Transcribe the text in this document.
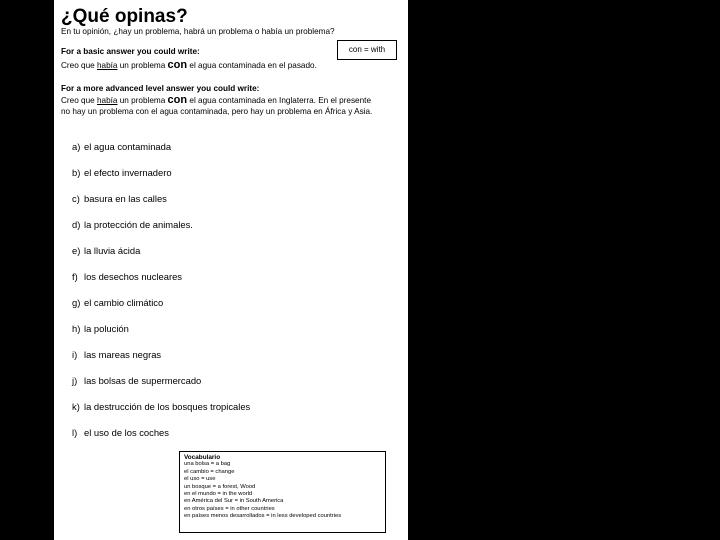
¿Qué opinas?
En tu opinión, ¿hay un problema, habrá un problema o había un problema?
con = with
For a basic answer you could write:
Creo que había un problema con el agua contaminada en el pasado.
For a more advanced level answer you could write:
Creo que había un problema con el agua contaminada en Inglaterra. En el presente no hay un problema con el agua contaminada, pero hay un problema en África y Asia.
a) el agua contaminada
b) el efecto invernadero
c) basura en las calles
d) la protección de animales.
e) la lluvia ácida
f) los desechos nucleares
g) el cambio climático
h) la polución
i) las mareas negras
j) las bolsas de supermercado
k) la destrucción de los bosques tropicales
l) el uso de los coches
Vocabulario
una bolsa = a bag
el cambio = change
el uso = use
un bosque = a forest, Wood
en el mundo = in the world
en América del Sur = in South America
en otros países = in other countries
en países menos desarrollados = in less developed countries
